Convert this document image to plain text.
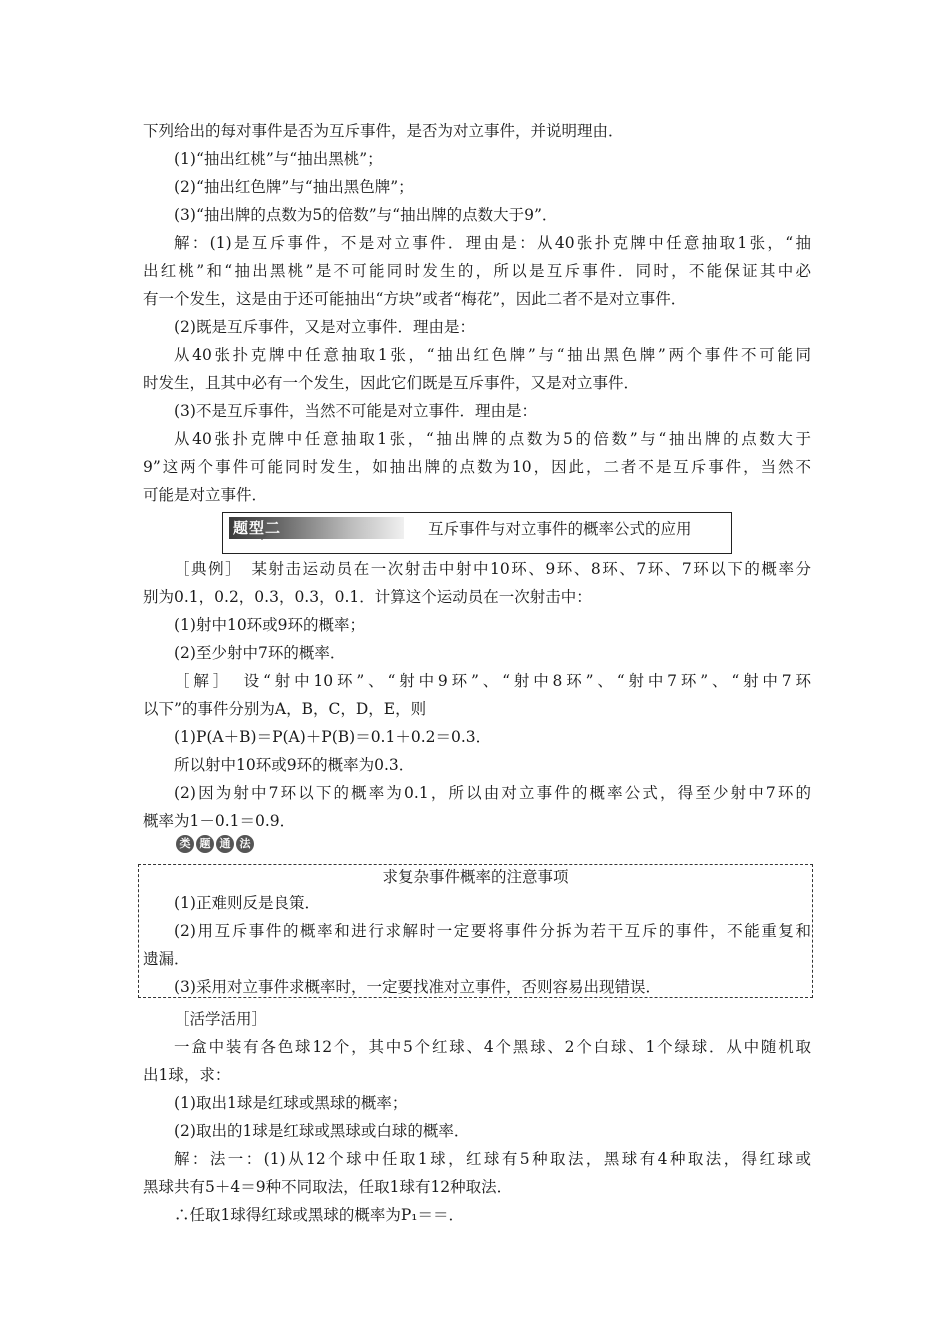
下列给出的每对事件是否为互斥事件，是否为对立事件，并说明理由．
(1)“抽出红桃”与“抽出黑桃”；
(2)“抽出红色牌”与“抽出黑色牌”；
(3)“抽出牌的点数为5的倍数”与“抽出牌的点数大于9”．
解：(1)是互斥事件，不是对立事件．理由是：从40张扑克牌中任意抽取1张，“抽
出红桃”和“抽出黑桃”是不可能同时发生的，所以是互斥事件．同时，不能保证其中必
有一个发生，这是由于还可能抽出“方块”或者“梅花”，因此二者不是对立事件．
(2)既是互斥事件，又是对立事件．理由是：
从40张扑克牌中任意抽取1张，“抽出红色牌”与“抽出黑色牌”两个事件不可能同
时发生，且其中必有一个发生，因此它们既是互斥事件，又是对立事件．
(3)不是互斥事件，当然不可能是对立事件．理由是：
从40张扑克牌中任意抽取1张，“抽出牌的点数为5的倍数”与“抽出牌的点数大于
9”这两个事件可能同时发生，如抽出牌的点数为10，因此，二者不是互斥事件，当然不
可能是对立事件．
题型二	互斥事件与对立事件的概率公式的应用
［典例］　某射击运动员在一次射击中射中10环、9环、8环、7环、7环以下的概率分
别为0.1，0.2，0.3，0.3，0.1．计算这个运动员在一次射击中：
(1)射中10环或9环的概率；
(2)至少射中7环的概率．
［解］　设“射中10环”、“射中9环”、“射中8环”、“射中7环”、“射中7环
以下”的事件分别为A，B，C，D，E，则
(1)P(A＋B)＝P(A)＋P(B)＝0.1＋0.2＝0.3．
所以射中10环或9环的概率为0.3．
(2)因为射中7环以下的概率为0.1，所以由对立事件的概率公式，得至少射中7环的
概率为1－0.1＝0.9．
类 题 通 法
求复杂事件概率的注意事项
(1)正难则反是良策．
(2)用互斥事件的概率和进行求解时一定要将事件分拆为若干互斥的事件，不能重复和
遗漏．
(3)采用对立事件求概率时，一定要找准对立事件，否则容易出现错误．
［活学活用］
一盒中装有各色球12个，其中5个红球、4个黑球、2个白球、1个绿球．从中随机取
出1球，求：
(1)取出1球是红球或黑球的概率；
(2)取出的1球是红球或黑球或白球的概率．
解：法一：(1)从12个球中任取1球，红球有5种取法，黑球有4种取法，得红球或
黑球共有5＋4＝9种不同取法，任取1球有12种取法．
∴任取1球得红球或黑球的概率为P₁＝＝．
